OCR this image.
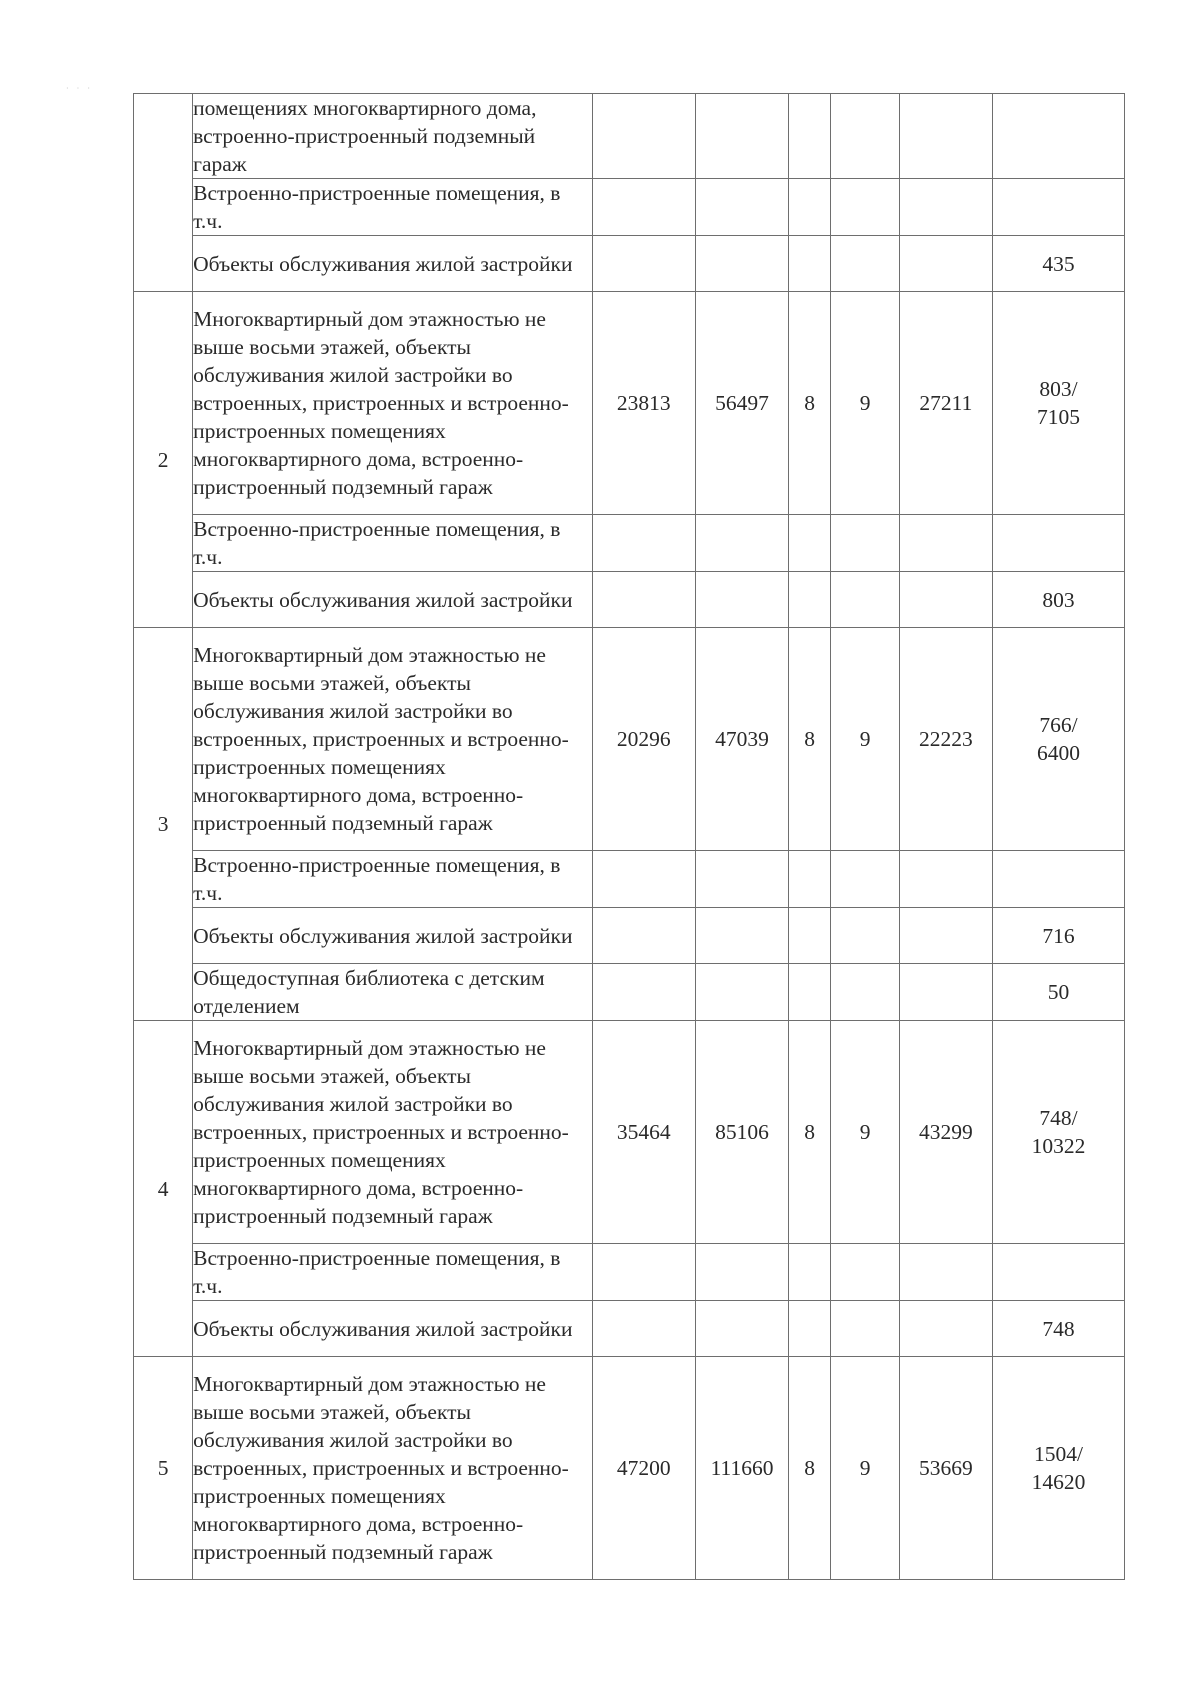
· · ·
	помещениях многоквартирного дома, встроенно-пристроенный подземный гараж						
	Встроенно-пристроенные помещения, в т.ч.						
	Объекты обслуживания жилой застройки						435
2	Многоквартирный дом этажностью не выше восьми этажей, объекты обслуживания жилой застройки во встроенных, пристроенных и встроенно-пристроенных помещениях многоквартирного дома, встроенно-пристроенный подземный гараж	23813	56497	8	9	27211	803/
7105
	Встроенно-пристроенные помещения, в т.ч.						
	Объекты обслуживания жилой застройки						803
3	Многоквартирный дом этажностью не выше восьми этажей, объекты обслуживания жилой застройки во встроенных, пристроенных и встроенно-пристроенных помещениях многоквартирного дома, встроенно-пристроенный подземный гараж	20296	47039	8	9	22223	766/
6400
	Встроенно-пристроенные помещения, в т.ч.						
	Объекты обслуживания жилой застройки						716
	Общедоступная библиотека с детским отделением						50
4	Многоквартирный дом этажностью не выше восьми этажей, объекты обслуживания жилой застройки во встроенных, пристроенных и встроенно-пристроенных помещениях многоквартирного дома, встроенно-пристроенный подземный гараж	35464	85106	8	9	43299	748/
10322
	Встроенно-пристроенные помещения, в т.ч.						
	Объекты обслуживания жилой застройки						748
5	Многоквартирный дом этажностью не выше восьми этажей, объекты обслуживания жилой застройки во встроенных, пристроенных и встроенно-пристроенных помещениях многоквартирного дома, встроенно-пристроенный подземный гараж	47200	111660	8	9	53669	1504/
14620
